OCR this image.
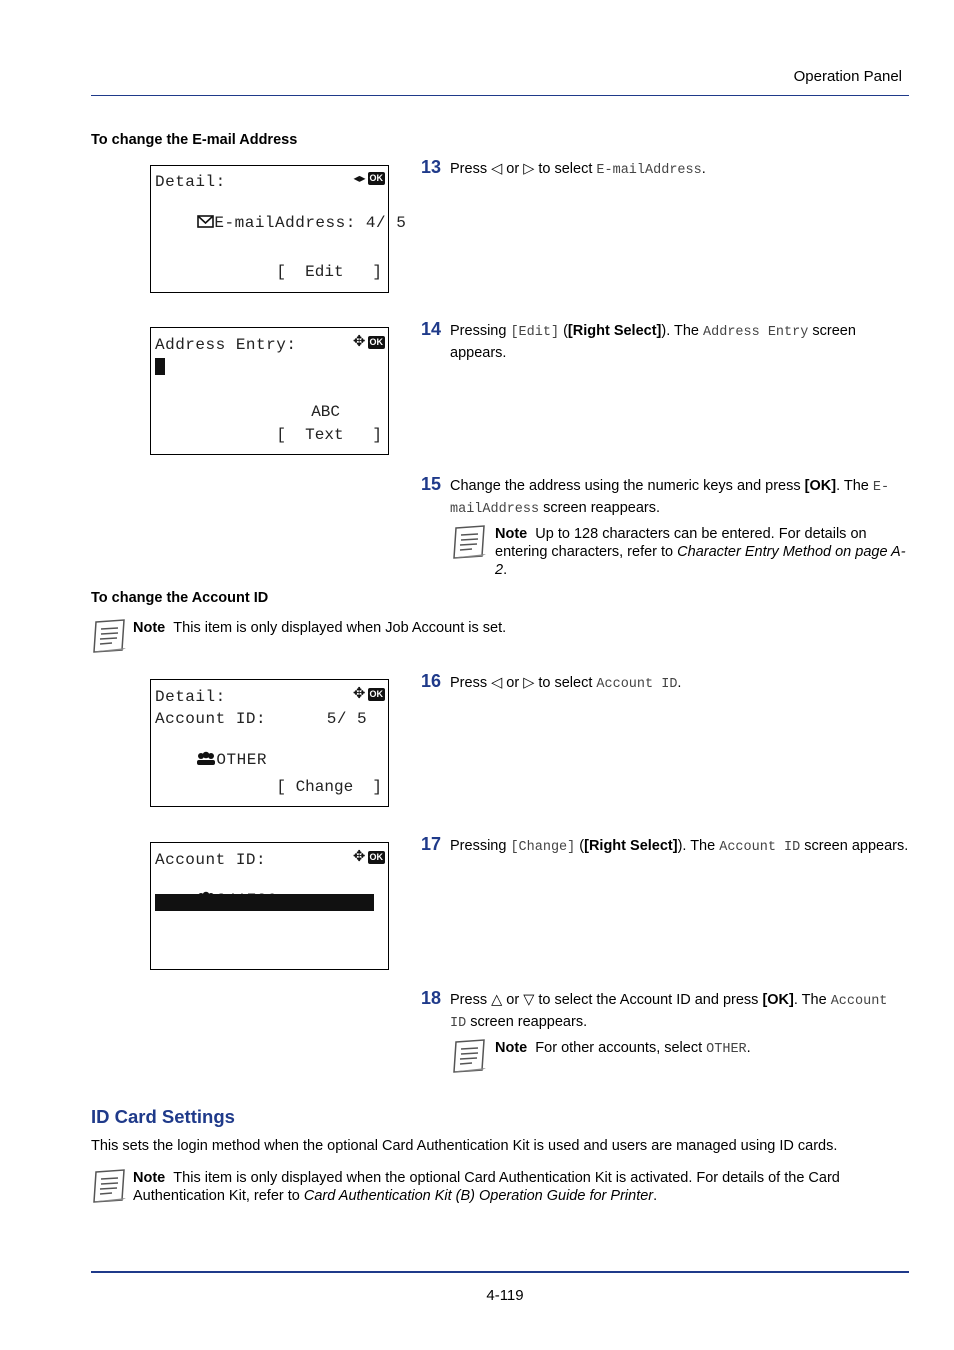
Operation Panel
To change the E-mail Address
Detail:	◂▸ OK

E-mailAddress: 4/ 5

[  Edit   ]
Address Entry:	✥ OK
ABC
[  Text   ]
Detail:	✥ OK
Account ID:      5/ 5

OTHER

[ Change  ]
Account ID:	✥ OK

OTHER

13 Press ◁ or ▷ to select E-mailAddress.
14 Pressing [Edit] ([Right Select]). The Address Entry screen appears.
15 Change the address using the numeric keys and press [OK]. The E-mailAddress screen reappears.
Note Up to 128 characters can be entered. For details on entering characters, refer to Character Entry Method on page A-2.
To change the Account ID
Note This item is only displayed when Job Account is set.
16 Press ◁ or ▷ to select Account ID.
17 Pressing [Change] ([Right Select]). The Account ID screen appears.
18 Press △ or ▽ to select the Account ID and press [OK]. The Account ID screen reappears.
Note For other accounts, select OTHER.
ID Card Settings
This sets the login method when the optional Card Authentication Kit is used and users are managed using ID cards.
Note This item is only displayed when the optional Card Authentication Kit is activated. For details of the Card Authentication Kit, refer to Card Authentication Kit (B) Operation Guide for Printer.
4-119
